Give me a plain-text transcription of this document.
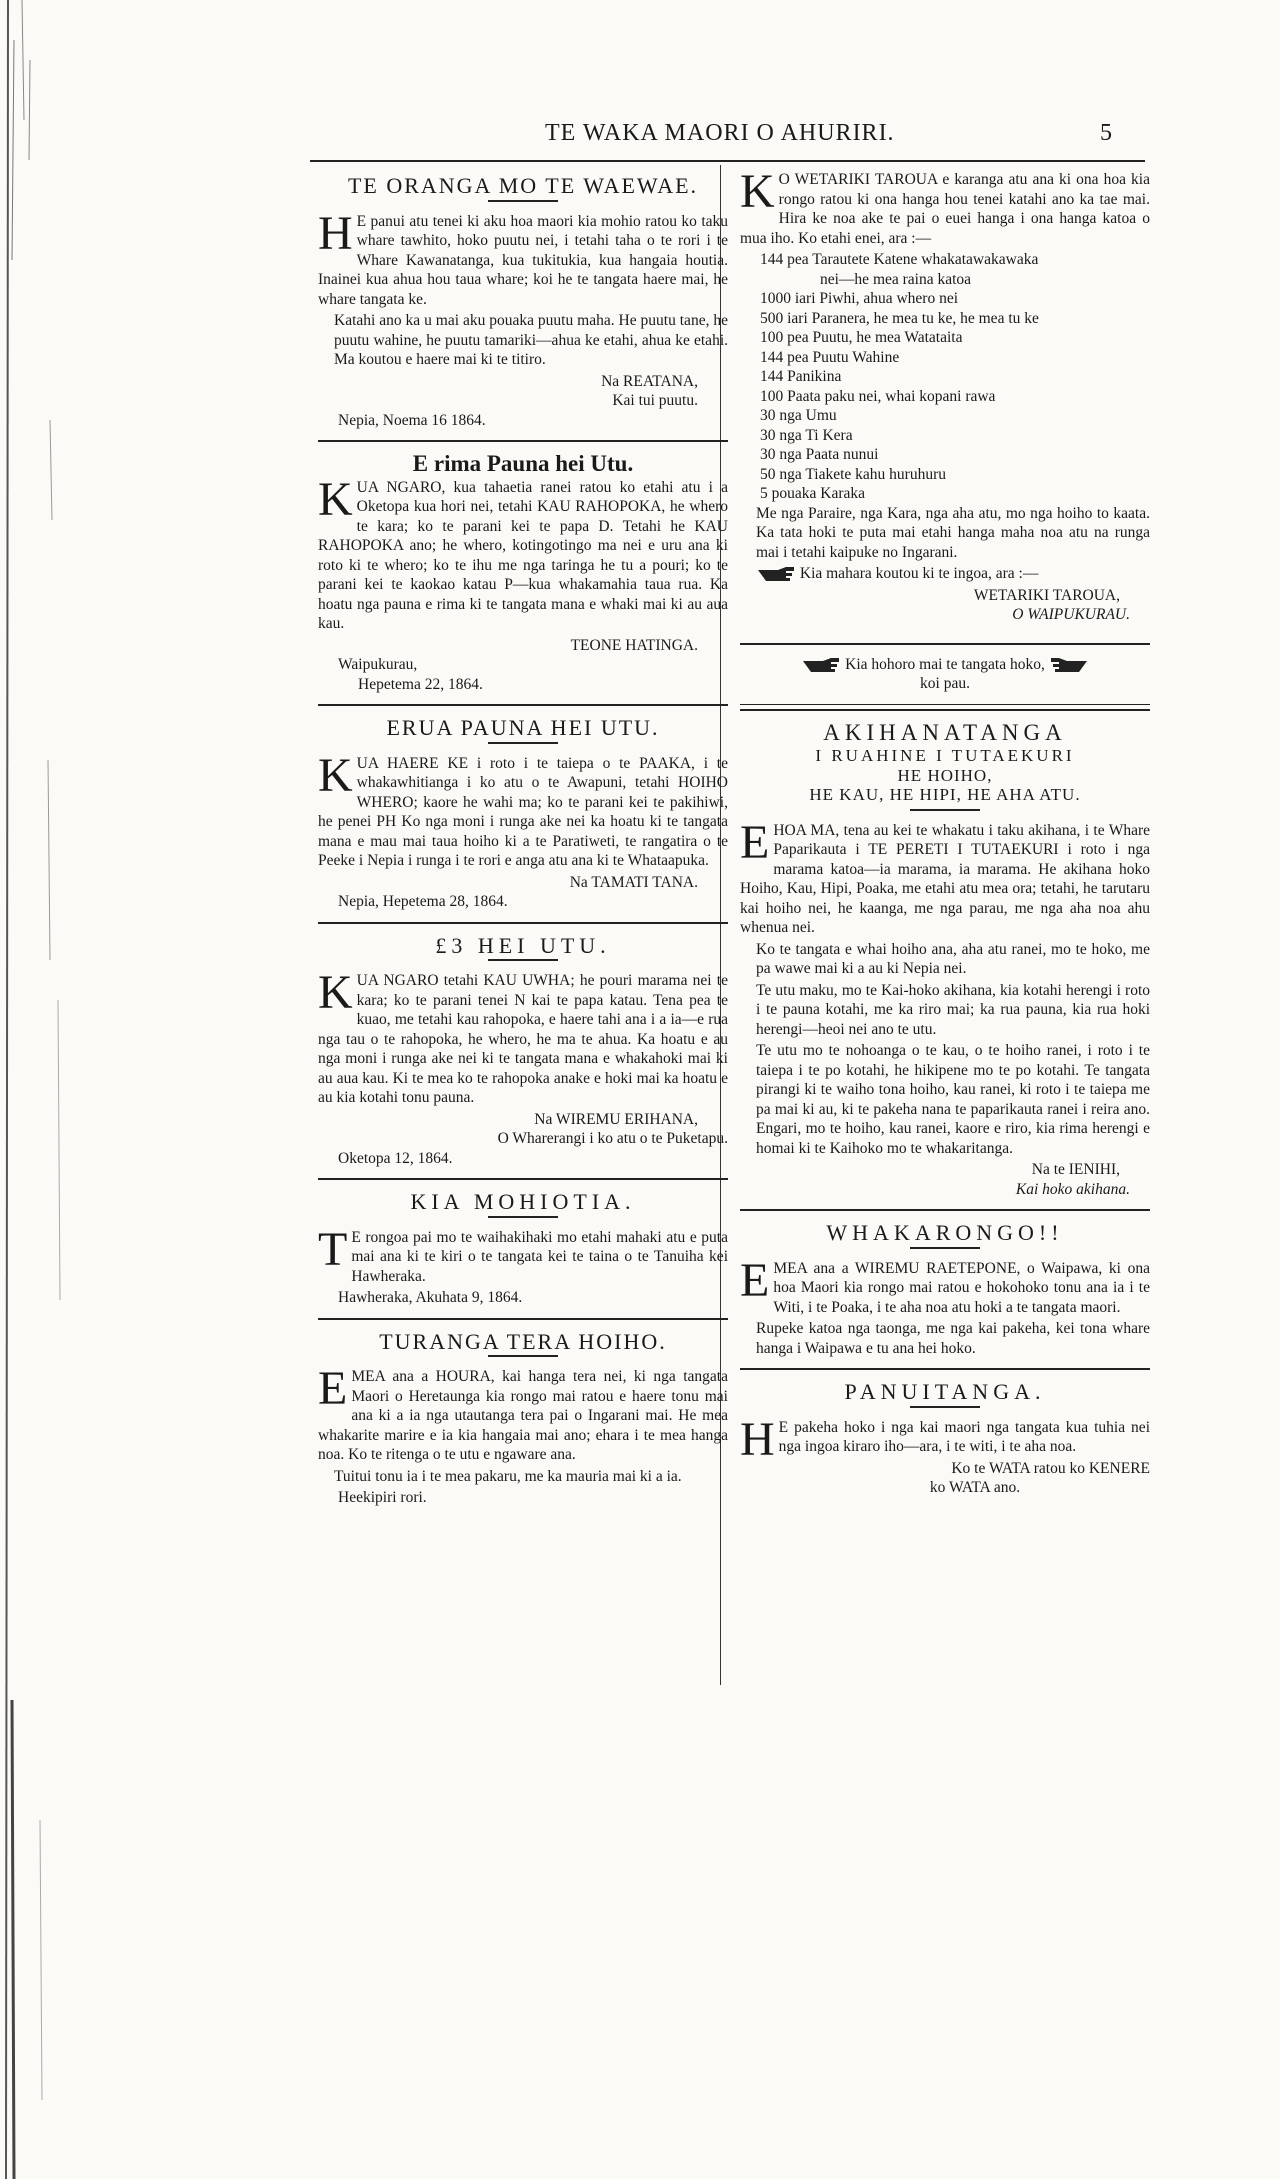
TE WAKA MAORI O AHURIRI.	5
TE ORANGA MO TE WAEWAE.

H E panui atu tenei ki aku hoa maori kia mohio ratou ko taku whare tawhito, hoko puutu nei, i tetahi taha o te rori i te Whare Kawanatanga, kua tukitukia, kua hangaia houtia. Inainei kua ahua hou taua whare; koi he te tangata haere mai, he whare tangata ke.

Katahi ano ka u mai aku pouaka puutu maha. He puutu tane, he puutu wahine, he puutu tamariki—ahua ke etahi, ahua ke etahi. Ma koutou e haere mai ki te titiro.

Na REATANA,
Kai tui puutu.
Nepia, Noema 16 1864.
E rima Pauna hei Utu.

KUA NGARO, kua tahaetia ranei ratou ko etahi atu i a Oketopa kua hori nei, tetahi KAU RAHOPOKA, he whero te kara; ko te parani kei te papa D. Tetahi he KAU RAHOPOKA ano; he whero, kotingotingo ma nei e uru ana ki roto ki te whero; ko te ihu me nga taringa he tu a pouri; ko te parani kei te kaokao katau P—kua whakamahia taua rua. Ka hoatu nga pauna e rima ki te tangata mana e whaki mai ki au aua kau.

TEONE HATINGA.
Waipukurau,
Hepetema 22, 1864.
ERUA PAUNA HEI UTU.

KUA HAERE KE i roto i te taiepa o te PAAKA, i te whakawhitianga i ko atu o te Awapuni, tetahi HOIHO WHERO; kaore he wahi ma; ko te parani kei te pakihiwi, he penei PH Ko nga moni i runga ake nei ka hoatu ki te tangata mana e mau mai taua hoiho ki a te Paratiweti, te rangatira o te Peeke i Nepia i runga i te rori e anga atu ana ki te Whataapuka.

Na TAMATI TANA.
Nepia, Hepetema 28, 1864.
£3 HEI UTU.

KUA NGARO tetahi KAU UWHA; he pouri marama nei te kara; ko te parani tenei N kai te papa katau. Tena pea te kuao, me tetahi kau rahopoka, e haere tahi ana i a ia—e rua nga tau o te rahopoka, he whero, he ma te ahua. Ka hoatu e au nga moni i runga ake nei ki te tangata mana e whakahoki mai ki au aua kau. Ki te mea ko te rahopoka anake e hoki mai ka hoatu e au kia kotahi tonu pauna.

Na WIREMU ERIHANA,
O Wharerangi i ko atu o te Puketapu.
Oketopa 12, 1864.
KIA MOHIOTIA.

T E rongoa pai mo te waihakihaki mo etahi mahaki atu e puta mai ana ki te kiri o te tangata kei te taina o te Tanuiha kei Hawheraka.

Hawheraka, Akuhata 9, 1864.
TURANGA TERA HOIHO.

EMEA ana a HOURA, kai hanga tera nei, ki nga tangata Maori o Heretaunga kia rongo mai ratou e haere tonu mai ana ki a ia nga utautanga tera pai o Ingarani mai. He mea whakarite marire e ia kia hangaia mai ano; ehara i te mea hanga noa. Ko te ritenga o te utu e ngaware ana.

Tuitui tonu ia i te mea pakaru, me ka mauria mai ki a ia.

Heekipiri rori.

K O WETARIKI TAROUA e karanga atu ana ki ona hoa kia rongo ratou ki ona hanga hou tenei katahi ano ka tae mai. Hira ke noa ake te pai o euei hanga i ona hanga katoa o mua iho. Ko etahi enei, ara :—

144 pea Tarautete Katene whakatawakawaka
nei—he mea raina katoa
1000 iari Piwhi, ahua whero nei
500 iari Paranera, he mea tu ke, he mea tu ke
100 pea Puutu, he mea Watataita
144 pea Puutu Wahine
144 Panikina
100 Paata paku nei, whai kopani rawa
30 nga Umu
30 nga Ti Kera
30 nga Paata nunui
50 nga Tiakete kahu huruhuru
5 pouaka Karaka

Me nga Paraire, nga Kara, nga aha atu, mo nga hoiho to kaata. Ka tata hoki te puta mai etahi hanga maha noa atu na runga mai i tetahi kaipuke no Ingarani.

Kia mahara koutou ki te ingoa, ara :—

WETARIKI TAROUA,
O WAIPUKURAU.
Kia hohoro mai te tangata hoko,
koi pau.
AKIHANATANGA
I RUAHINE I TUTAEKURI
HE HOIHO,
HE KAU, HE HIPI, HE AHA ATU.

EHOA MA, tena au kei te whakatu i taku akihana, i te Whare Paparikauta i TE PERETI I TUTAEKURI i roto i nga marama katoa—ia marama, ia marama. He akihana hoko Hoiho, Kau, Hipi, Poaka, me etahi atu mea ora; tetahi, he tarutaru kai hoiho nei, he kaanga, me nga parau, me nga aha noa ahu whenua nei.

Ko te tangata e whai hoiho ana, aha atu ranei, mo te hoko, me pa wawe mai ki a au ki Nepia nei.

Te utu maku, mo te Kai-hoko akihana, kia kotahi herengi i roto i te pauna kotahi, me ka riro mai; ka rua pauna, kia rua hoki herengi—heoi nei ano te utu.

Te utu mo te nohoanga o te kau, o te hoiho ranei, i roto i te taiepa i te po kotahi, he hikipene mo te po kotahi. Te tangata pirangi ki te waiho tona hoiho, kau ranei, ki roto i te taiepa me pa mai ki au, ki te pakeha nana te paparikauta ranei i reira ano. Engari, mo te hoiho, kau ranei, kaore e riro, kia rima herengi e homai ki te Kaihoko mo te whakaritanga.

Na te IENIHI,
Kai hoko akihana.
WHAKARONGO!!

EMEA ana a WIREMU RAETEPONE, o Waipawa, ki ona hoa Maori kia rongo mai ratou e hokohoko tonu ana ia i te Witi, i te Poaka, i te aha noa atu hoki a te tangata maori.

Rupeke katoa nga taonga, me nga kai pakeha, kei tona whare hanga i Waipawa e tu ana hei hoko.

PANUITANGA.

H E pakeha hoko i nga kai maori nga tangata kua tuhia nei nga ingoa kiraro iho—ara, i te witi, i te aha noa.

Ko te WATA ratou ko KENERE
ko WATA ano.
